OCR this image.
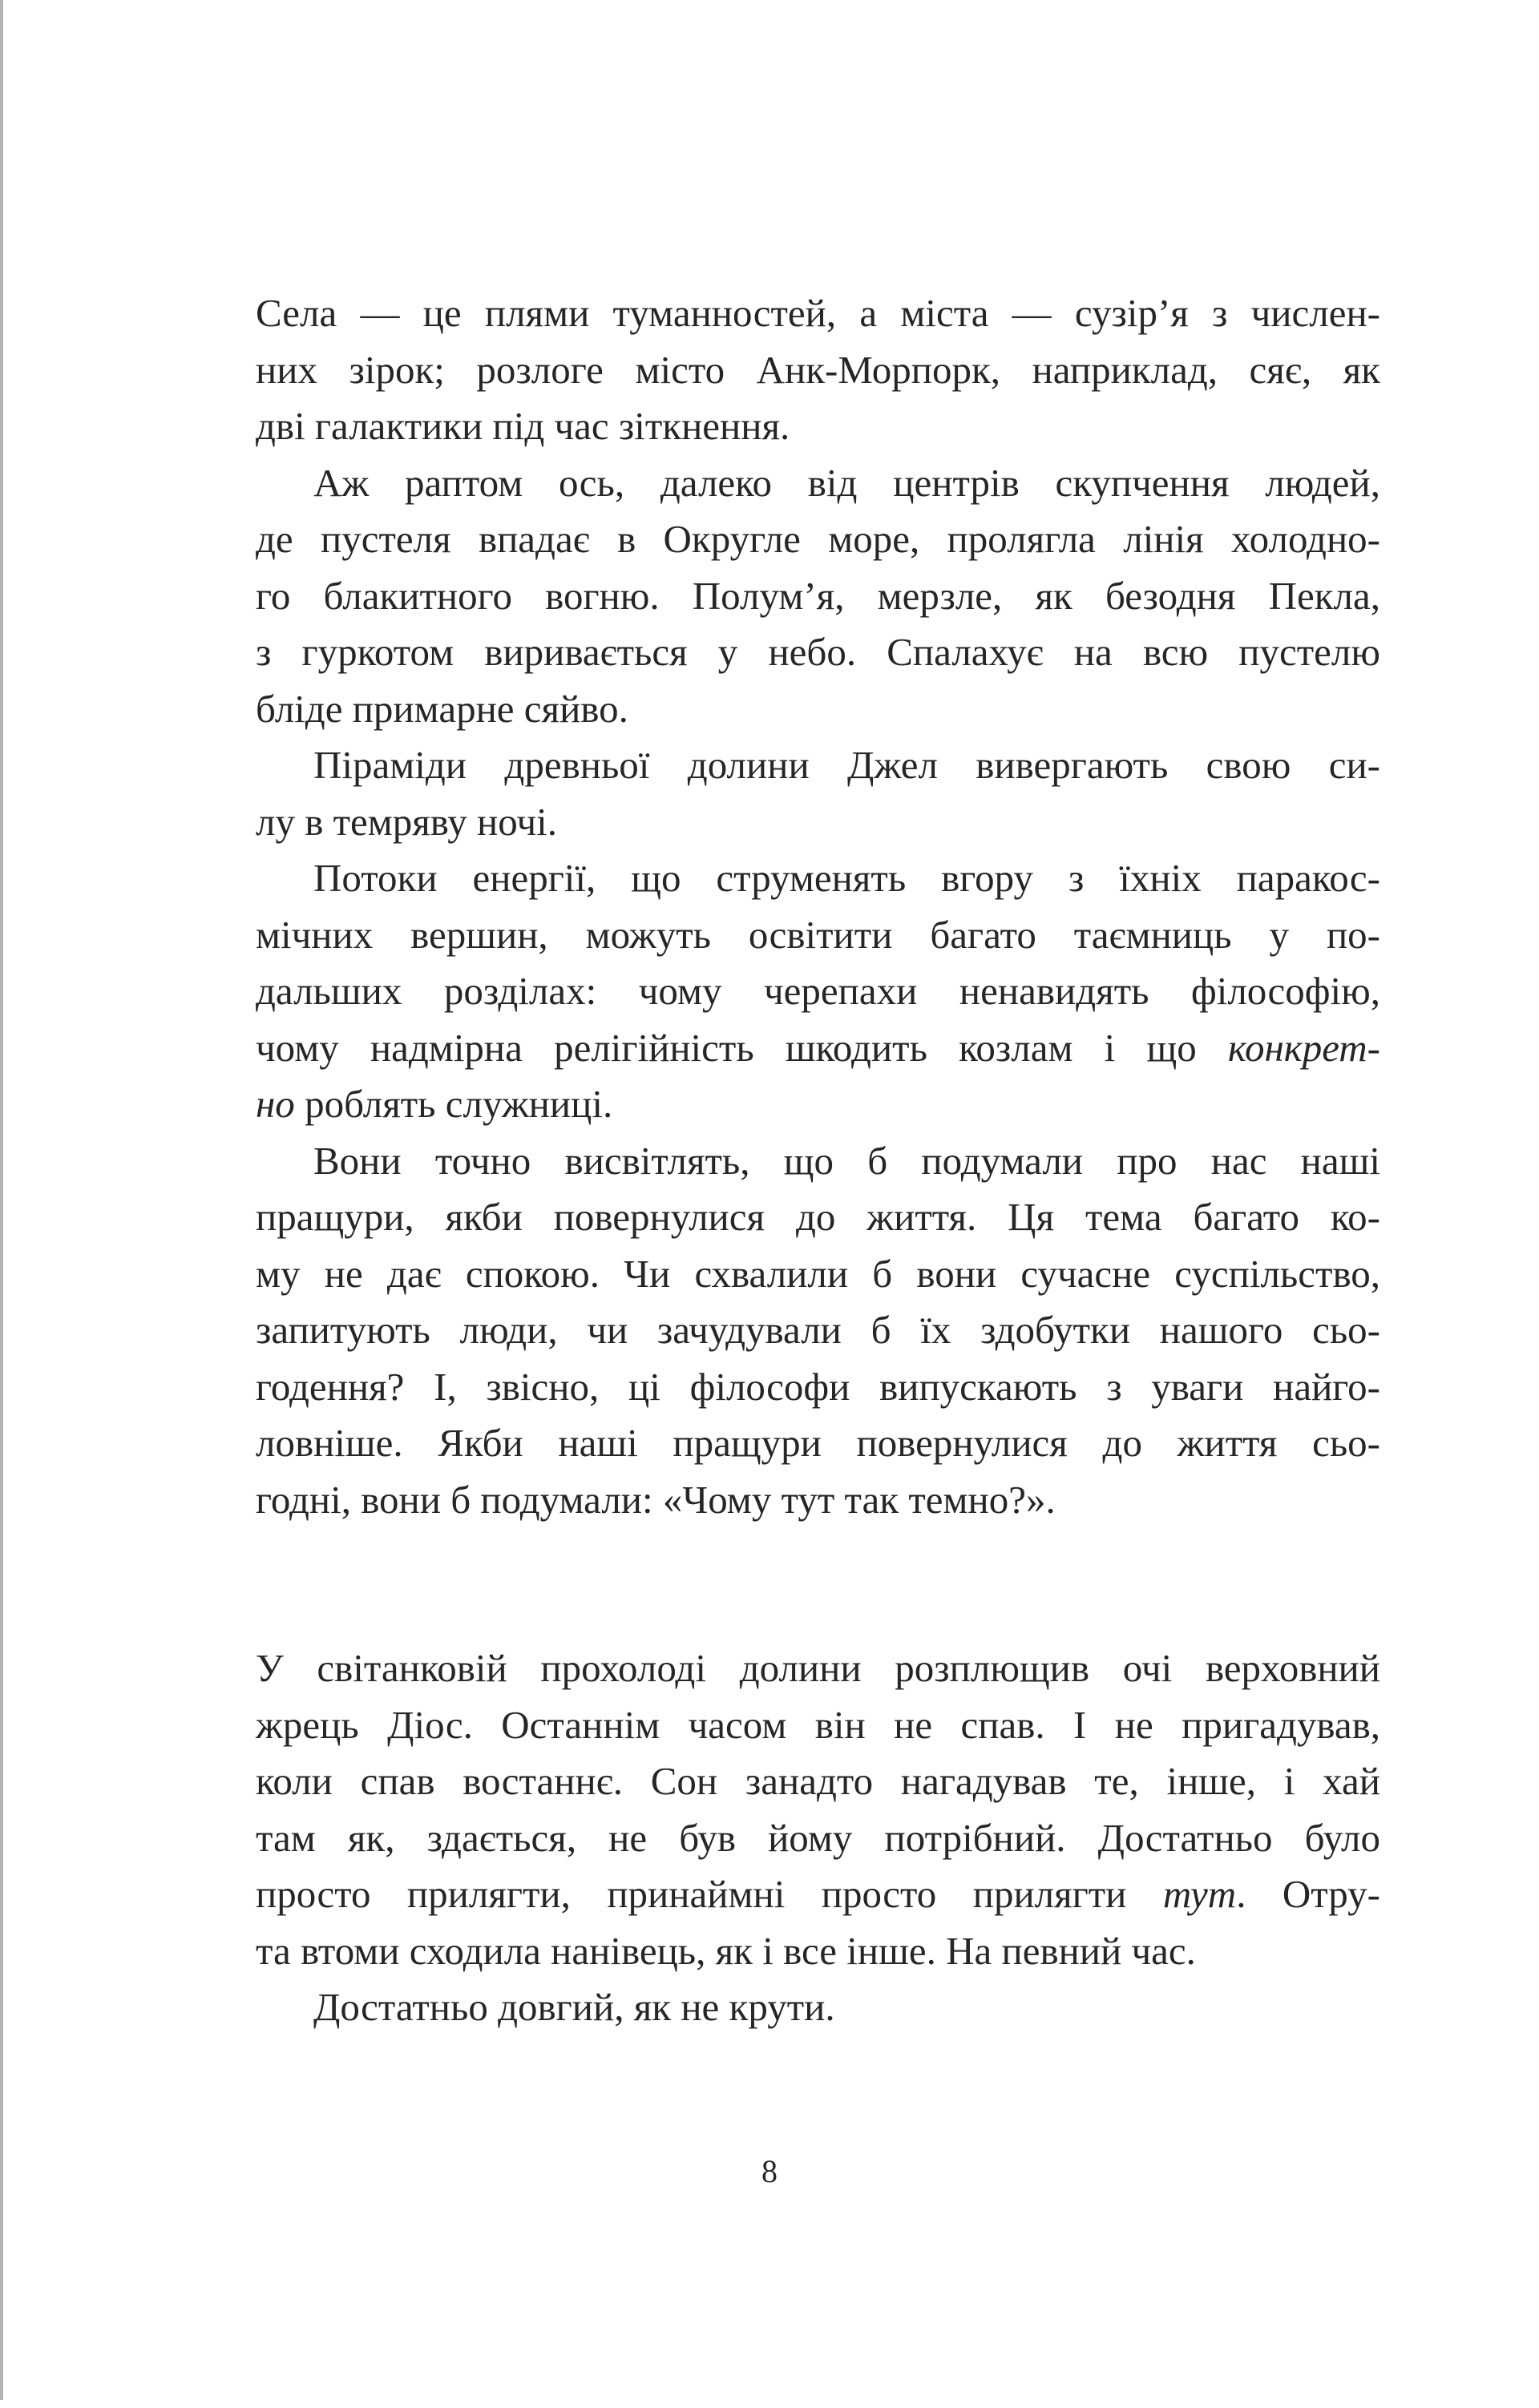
Села — це плями туманностей, а міста — сузір’я з числен-
них зірок; розлоге місто Анк-Морпорк, наприклад, сяє, як
дві галактики під час зіткнення.
Аж раптом ось, далеко від центрів скупчення людей,
де пустеля впадає в Округле море, пролягла лінія холодно-
го блакитного вогню. Полум’я, мерзле, як безодня Пекла,
з гуркотом виривається у небо. Спалахує на всю пустелю
бліде примарне сяйво.
Піраміди древньої долини Джел вивергають свою си-
лу в темряву ночі.
Потоки енергії, що струменять вгору з їхніх паракос-
мічних вершин, можуть освітити багато таємниць у по-
дальших розділах: чому черепахи ненавидять філософію,
чому надмірна релігійність шкодить козлам і що конкрет-
но роблять служниці.
Вони точно висвітлять, що б подумали про нас наші
пращури, якби повернулися до життя. Ця тема багато ко-
му не дає спокою. Чи схвалили б вони сучасне суспільство,
запитують люди, чи зачудували б їх здобутки нашого сьо-
годення? І, звісно, ці філософи випускають з уваги найго-
ловніше. Якби наші пращури повернулися до життя сьо-
годні, вони б подумали: «Чому тут так темно?».
У світанковій прохолоді долини розплющив очі верховний
жрець Діос. Останнім часом він не спав. І не пригадував,
коли спав востаннє. Сон занадто нагадував те, інше, і хай
там як, здається, не був йому потрібний. Достатньо було
просто прилягти, принаймні просто прилягти тут. Отру-
та втоми сходила нанівець, як і все інше. На певний час.
Достатньо довгий, як не крути.
8
